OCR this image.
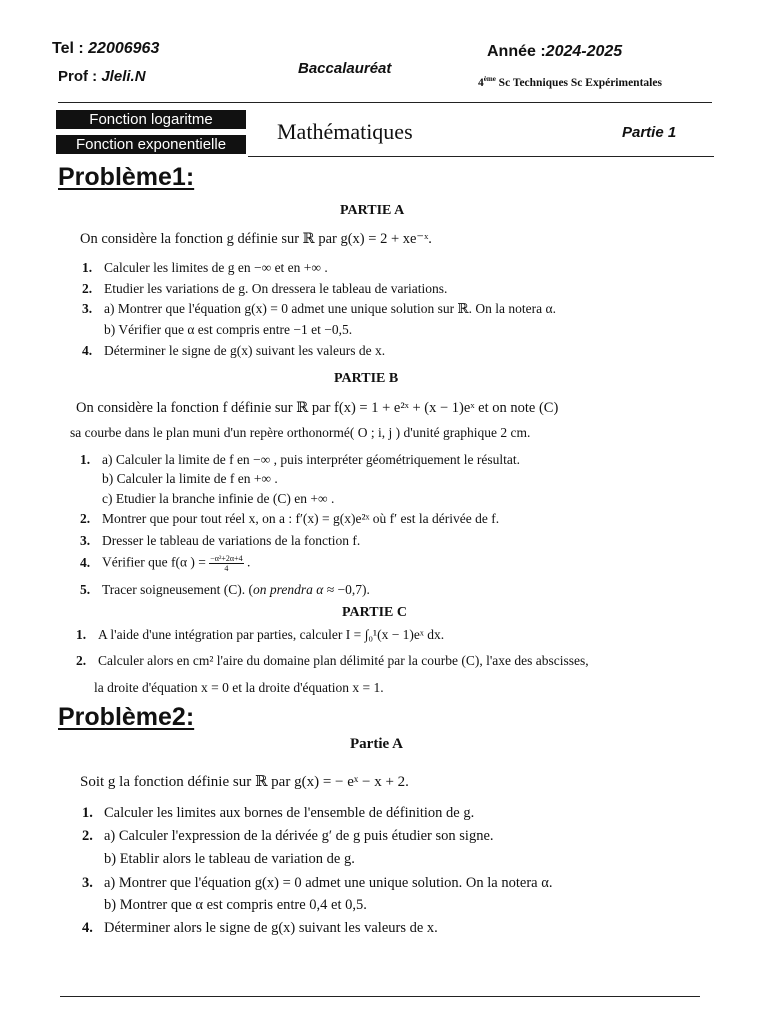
Tel : 22006963
Prof : Jleli.N	Baccalauréat
Année :2024-2025
4ème Sc Techniques Sc Expérimentales
Fonction logaritme
Fonction exponentielle
Mathématiques	Partie 1
Problème1:
PARTIE A
On considère la fonction g définie sur ℝ par g(x) = 2 + xe⁻ˣ.
1. Calculer les limites de g en −∞ et en +∞ .
2. Etudier les variations de g. On dressera le tableau de variations.
3. a) Montrer que l'équation g(x) = 0 admet une unique solution sur ℝ. On la notera α.
b) Vérifier que α est compris entre −1 et −0,5.
4. Déterminer le signe de g(x) suivant les valeurs de x.
PARTIE B
On considère la fonction f définie sur ℝ par f(x) = 1 + e²ˣ + (x − 1)eˣ et on note (C)
sa courbe dans le plan muni d'un repère orthonormé( O ; i, j ) d'unité graphique 2 cm.
1. a) Calculer la limite de f en −∞ , puis interpréter géométriquement le résultat.
b) Calculer la limite de f en +∞ .
c) Etudier la branche infinie de (C) en +∞ .
2. Montrer que pour tout réel x, on a : f′(x) = g(x)e²ˣ où f′ est la dérivée de f.
3. Dresser le tableau de variations de la fonction f.
4. Vérifier que f(α ) = $\frac{\text{−α²+2α+4}}{4}$ .
5. Tracer soigneusement (C). (on prendra α ≈ −0,7).
PARTIE C
1. A l'aide d'une intégration par parties, calculer I = ∫₀¹(x − 1)eˣ dx.
2. Calculer alors en cm² l'aire du domaine plan délimité par la courbe (C), l'axe des abscisses,
la droite d'équation x = 0 et la droite d'équation x = 1.
Problème2:
Partie A
Soit g la fonction définie sur ℝ par g(x) = − eˣ − x + 2.
1. Calculer les limites aux bornes de l'ensemble de définition de g.
2. a) Calculer l'expression de la dérivée g′ de g puis étudier son signe.
b) Etablir alors le tableau de variation de g.
3. a) Montrer que l'équation g(x) = 0 admet une unique solution. On la notera α.
b) Montrer que α est compris entre 0,4 et 0,5.
4. Déterminer alors le signe de g(x) suivant les valeurs de x.
